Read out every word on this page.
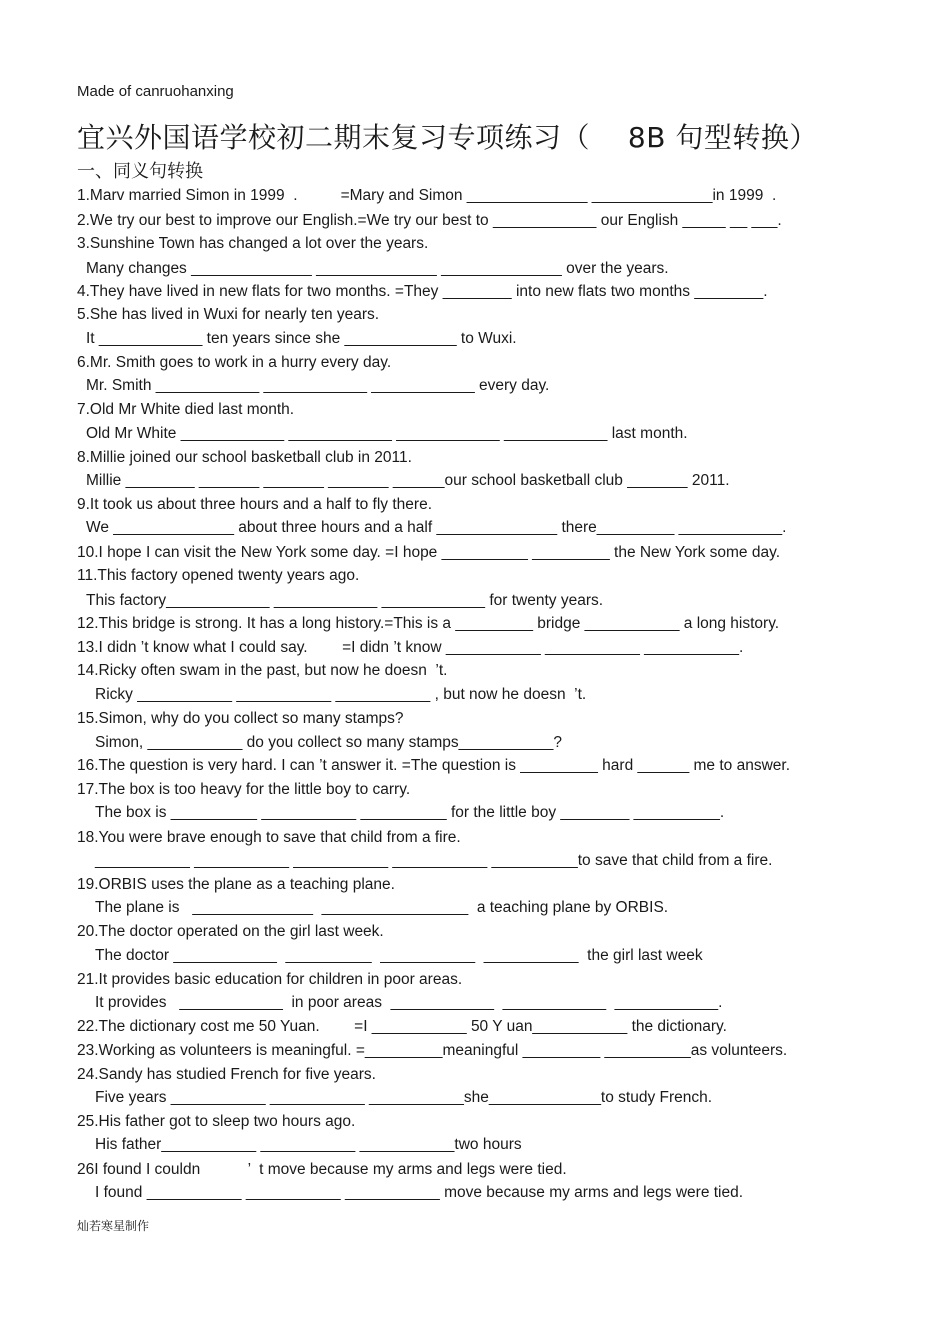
Made of canruohanxing
宜兴外国语学校初二期末复习专项练习（　 8B 句型转换）
一、同义句转换
1.Marv married Simon in 1999  .          =Mary and Simon ______________ ______________in 1999  .
2.We try our best to improve our English.=We try our best to ____________ our English _____ __ ___.
3.Sunshine Town has changed a lot over the years.
Many changes ______________ ______________ ______________ over the years.
4.They have lived in new flats for two months. =They ________ into new flats two months ________.
5.She has lived in Wuxi for nearly ten years.
It ____________ ten years since she _____________ to Wuxi.
6.Mr. Smith goes to work in a hurry every day.
Mr. Smith ____________ ____________ ____________ every day.
7.Old Mr White died last month.
Old Mr White ____________ ____________ ____________ ____________ last month.
8.Millie joined our school basketball club in 2011.
Millie ________ _______ _______ _______ ______our school basketball club _______ 2011.
9.It took us about three hours and a half to fly there.
We ______________ about three hours and a half ______________ there_________ ____________.
10.I hope I can visit the New York some day. =I hope __________ _________ the New York some day.
11.This factory opened twenty years ago.
This factory____________ ____________ ____________ for twenty years.
12.This bridge is strong. It has a long history.=This is a _________ bridge ___________ a long history.
13.I didn ’t know what I could say.        =I didn ’t know ___________ ___________ ___________.
14.Ricky often swam in the past, but now he doesn  ’t.
Ricky ___________ ___________ ___________ , but now he doesn  ’t.
15.Simon, why do you collect so many stamps?
Simon, ___________ do you collect so many stamps___________?
16.The question is very hard. I can ’t answer it. =The question is _________ hard ______ me to answer.
17.The box is too heavy for the little boy to carry.
The box is __________ ___________ __________ for the little boy ________ __________.
18.You were brave enough to save that child from a fire.
___________ ___________ ___________ ___________ __________to save that child from a fire.
19.ORBIS uses the plane as a teaching plane.
The plane is   ______________  _________________  a teaching plane by ORBIS.
20.The doctor operated on the girl last week.
The doctor ____________  __________  ___________  ___________  the girl last week
21.It provides basic education for children in poor areas.
It provides   ____________  in poor areas  ____________  ____________  ____________.
22.The dictionary cost me 50 Yuan.        =I ___________ 50 Y uan___________ the dictionary.
23.Working as volunteers is meaningful. =_________meaningful _________ __________as volunteers.
24.Sandy has studied French for five years.
Five years ___________ ___________ ___________she_____________to study French.
25.His father got to sleep two hours ago.
His father___________ ___________ ___________two hours
26I found I couldn           ’  t move because my arms and legs were tied.
I found ___________ ___________ ___________ move because my arms and legs were tied.
灿若寒星制作
